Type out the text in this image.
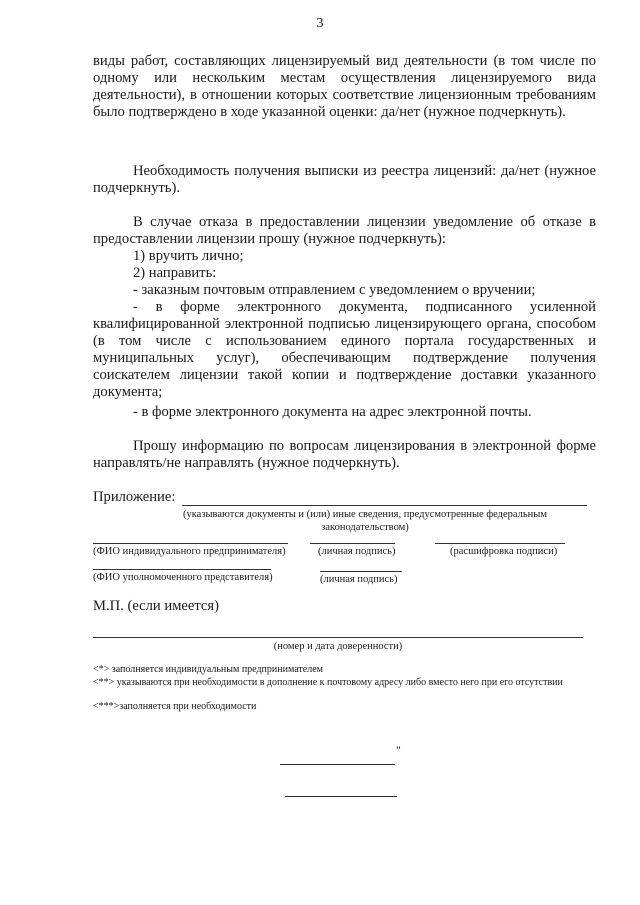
3

виды работ, составляющих лицензируемый вид деятельности (в том числе по одному или нескольким местам осуществления лицензируемого вида деятельности), в отношении которых соответствие лицензионным требованиям было подтверждено в ходе указанной оценки: да/нет (нужное подчеркнуть).

Необходимость получения выписки из реестра лицензий: да/нет (нужное подчеркнуть).

В случае отказа в предоставлении лицензии уведомление об отказе в предоставлении лицензии прошу (нужное подчеркнуть):

1) вручить лично;
2) направить:
- заказным почтовым отправлением с уведомлением о вручении;

- в форме электронного документа, подписанного усиленной квалифицированной электронной подписью лицензирующего органа, способом (в том числе с использованием единого портала государственных и муниципальных услуг), обеспечивающим подтверждение получения соискателем лицензии такой копии и подтверждение доставки указанного документа;

- в форме электронного документа на адрес электронной почты.

Прошу информацию по вопросам лицензирования в электронной форме направлять/не направлять (нужное подчеркнуть).

Приложение:
(указываются документы и (или) иные сведения, предусмотренные федеральным законодательством)
(ФИО индивидуального предпринимателя)	(личная подпись)	(расшифровка подписи)
(ФИО уполномоченного представителя)	(личная подпись)
М.П. (если имеется)
(номер и дата доверенности)
<*> заполняется индивидуальным предпринимателем
<**> указываются при необходимости в дополнение к почтовому адресу либо вместо него при его отсутствии
<***>заполняется при необходимости
"
